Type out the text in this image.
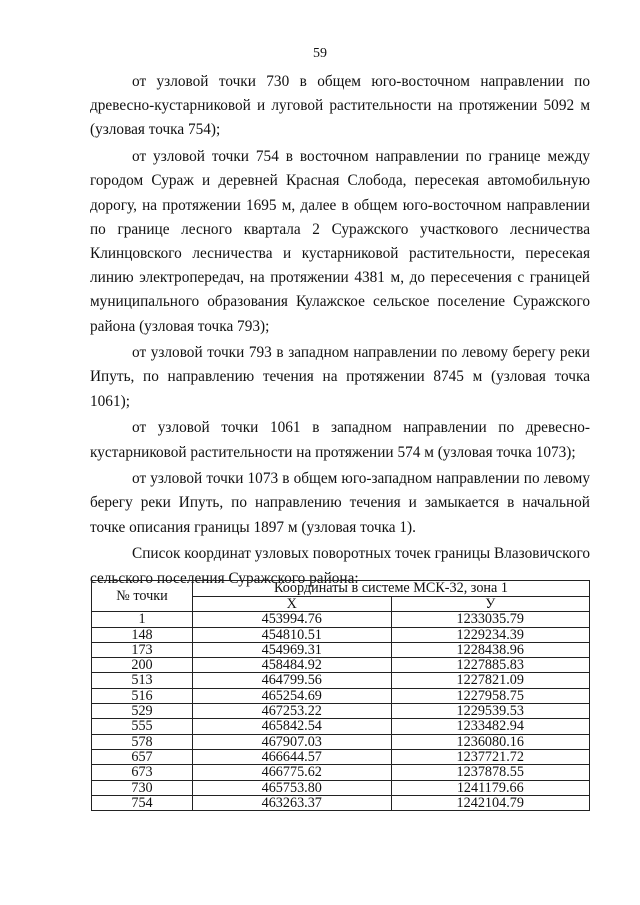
59

от узловой точки 730 в общем юго-восточном направлении по древесно-кустарниковой и луговой растительности на протяжении 5092 м (узловая точка 754);

от узловой точки 754 в восточном направлении по границе между городом Сураж и деревней Красная Слобода, пересекая автомобильную дорогу, на протяжении 1695 м, далее в общем юго-восточном направлении по границе лесного квартала 2 Суражского участкового лесничества Клинцовского лесничества и кустарниковой растительности, пересекая линию электропередач, на протяжении 4381 м, до пересечения с границей муниципального образования Кулажское сельское поселение Суражского района (узловая точка 793);

от узловой точки 793 в западном направлении по левому берегу реки Ипуть, по направлению течения на протяжении 8745 м (узловая точка 1061);

от узловой точки 1061 в западном направлении по древесно-кустарниковой растительности на протяжении 574 м (узловая точка 1073);

от узловой точки 1073 в общем юго-западном направлении по левому берегу реки Ипуть, по направлению течения и замыкается в начальной точке описания границы 1897 м (узловая точка 1).

Список координат узловых поворотных точек границы Влазовичского сельского поселения Суражского района:

№ точки	Координаты в системе МСК-32, зона 1	
	X	У
1	453994.76	1233035.79
148	454810.51	1229234.39
173	454969.31	1228438.96
200	458484.92	1227885.83
513	464799.56	1227821.09
516	465254.69	1227958.75
529	467253.22	1229539.53
555	465842.54	1233482.94
578	467907.03	1236080.16
657	466644.57	1237721.72
673	466775.62	1237878.55
730	465753.80	1241179.66
754	463263.37	1242104.79
